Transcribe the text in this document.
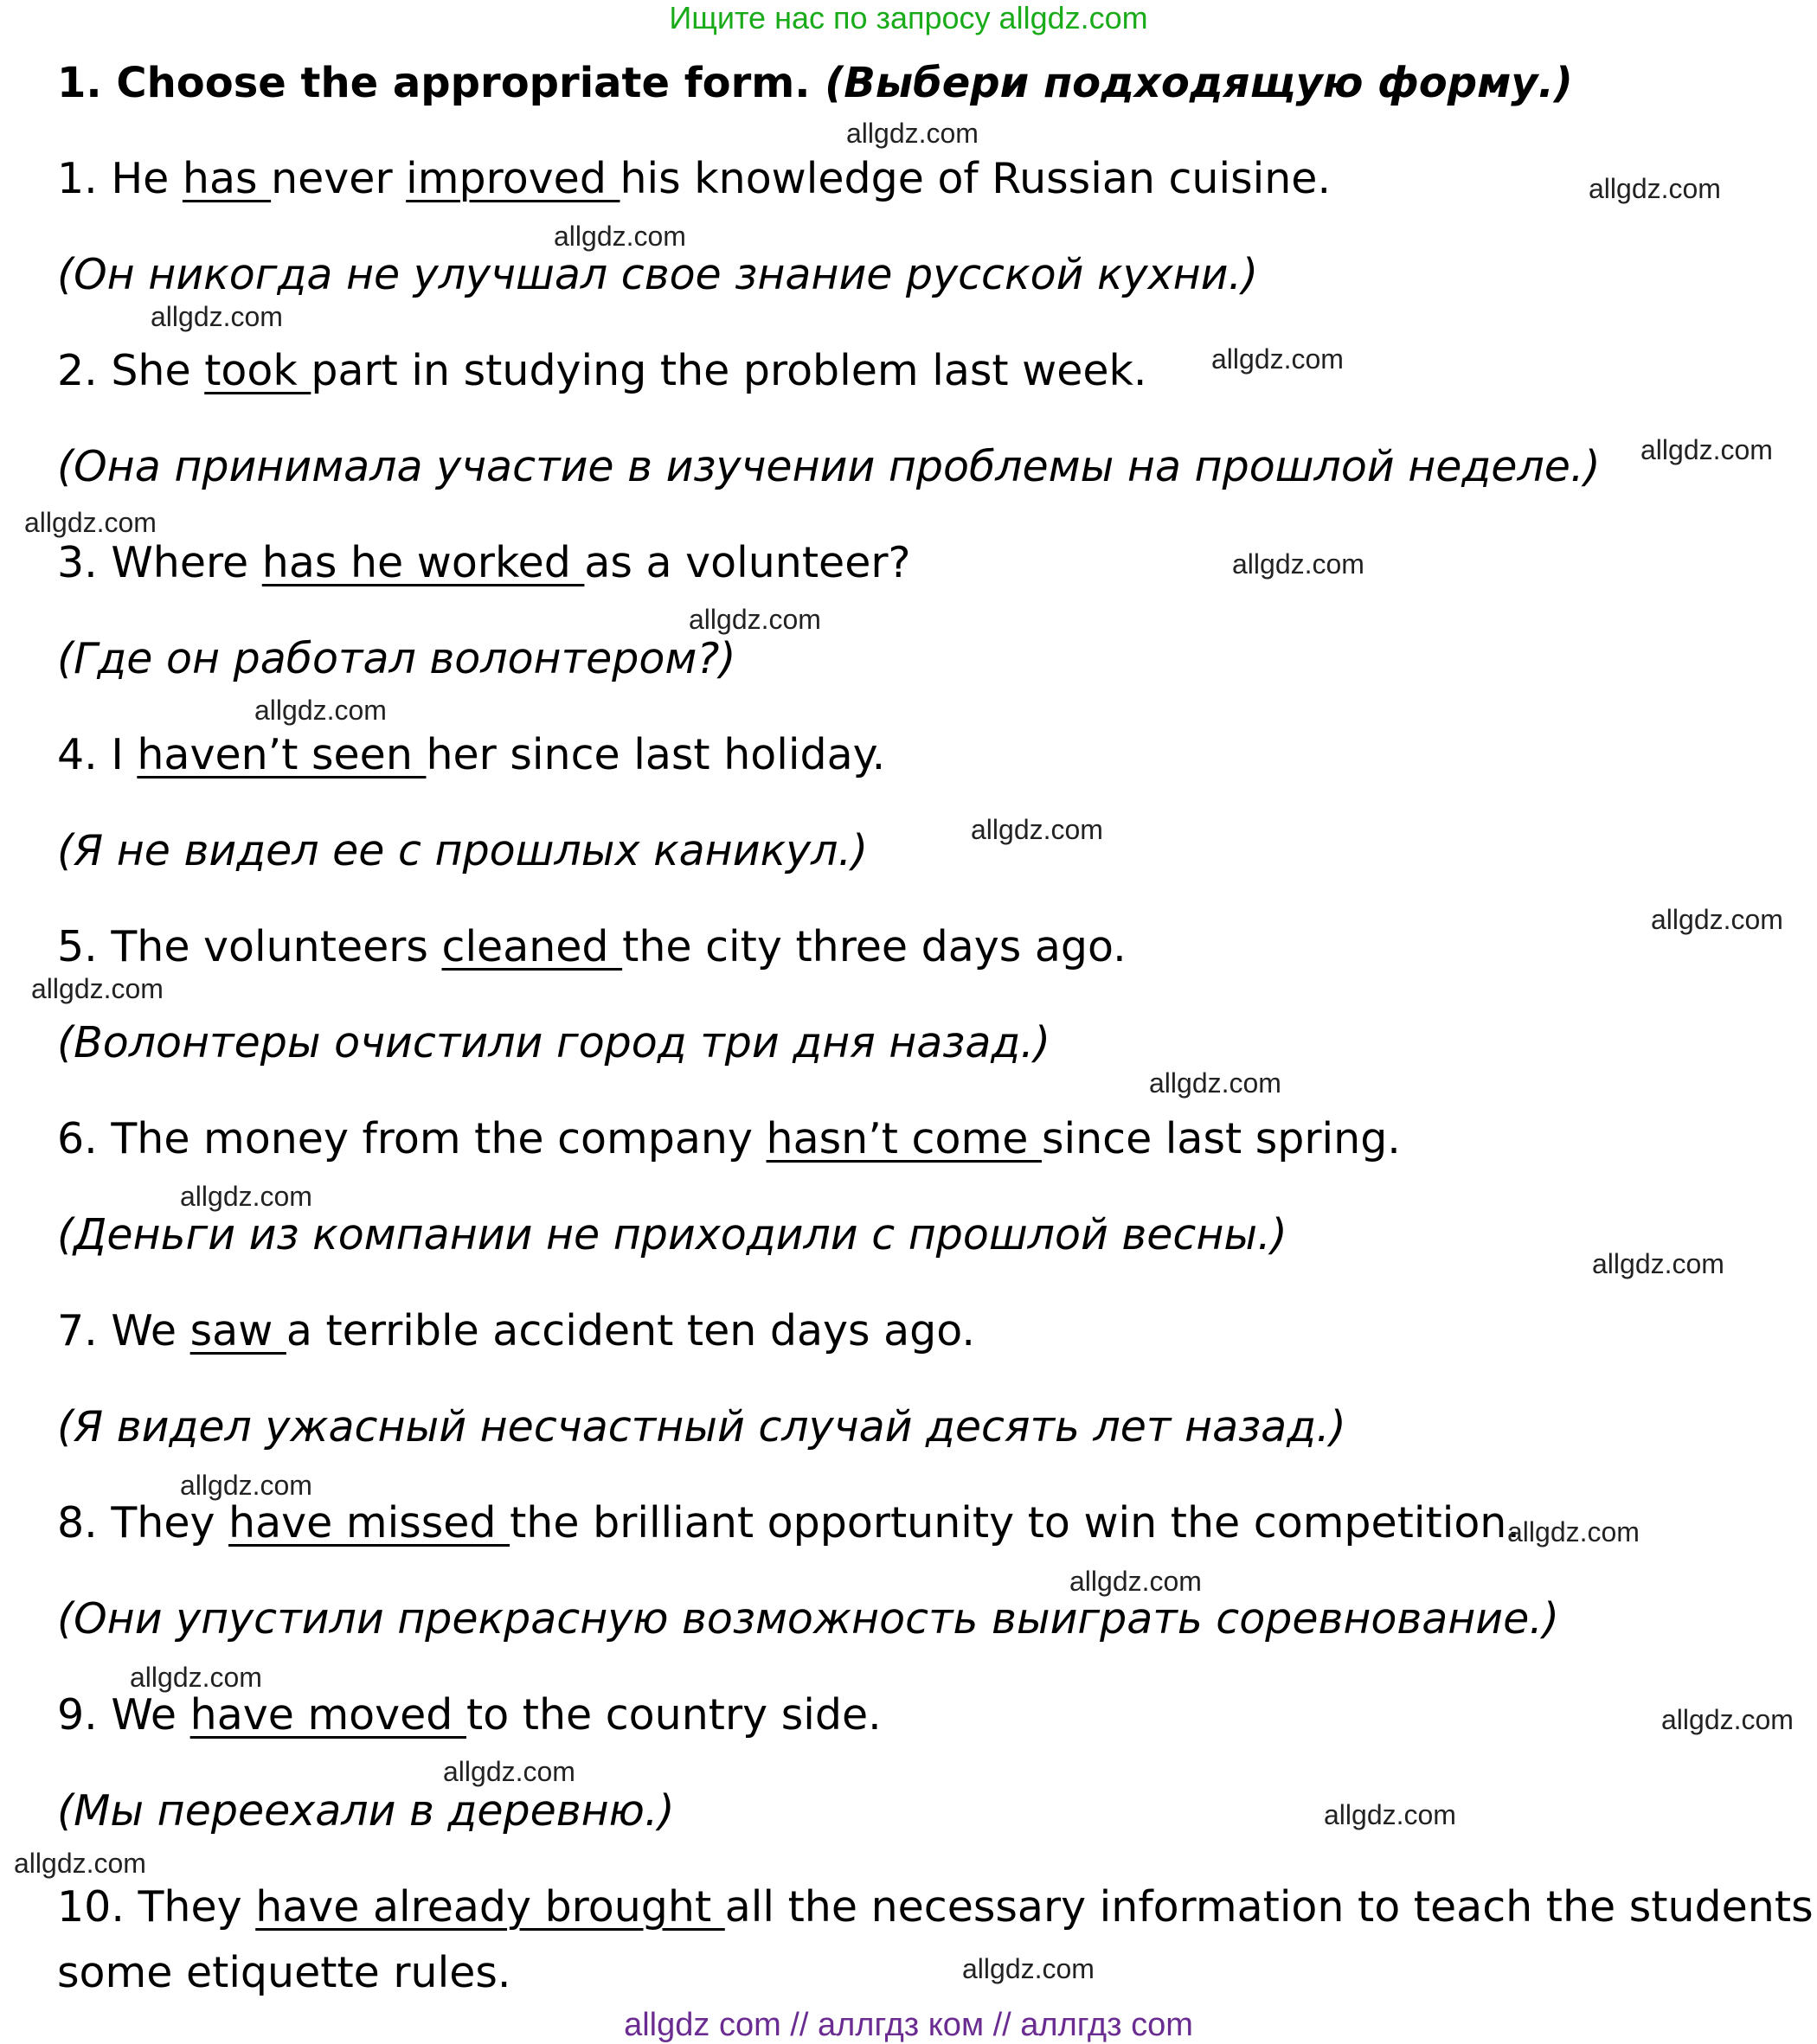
Ищите нас по запросу allgdz.com
1. Choose the appropriate form. (Выбери подходящую форму.)
1. He has never improved his knowledge of Russian cuisine.
(Он никогда не улучшал свое знание русской кухни.)
2. She took part in studying the problem last week.
(Она принимала участие в изучении проблемы на прошлой неделе.)
3. Where has he worked as a volunteer?
(Где он работал волонтером?)
4. I haven’t seen her since last holiday.
(Я не видел ее с прошлых каникул.)
5. The volunteers cleaned the city three days ago.
(Волонтеры очистили город три дня назад.)
6. The money from the company hasn’t come since last spring.
(Деньги из компании не приходили с прошлой весны.)
7. We saw a terrible accident ten days ago.
(Я видел ужасный несчастный случай десять лет назад.)
8. They have missed the brilliant opportunity to win the competition.
(Они упустили прекрасную возможность выиграть соревнование.)
9. We have moved to the country side.
(Мы переехали в деревню.)
10. They have already brought all the necessary information to teach the students
some etiquette rules.
allgdz.com
allgdz.com
allgdz.com
allgdz.com
allgdz.com
allgdz.com
allgdz.com
allgdz.com
allgdz.com
allgdz.com
allgdz.com
allgdz.com
allgdz.com
allgdz.com
allgdz.com
allgdz.com
allgdz.com
allgdz.com
allgdz.com
allgdz.com
allgdz.com
allgdz.com
allgdz.com
allgdz.com
allgdz.com
allgdz com // аллгдз ком // аллгдз com
